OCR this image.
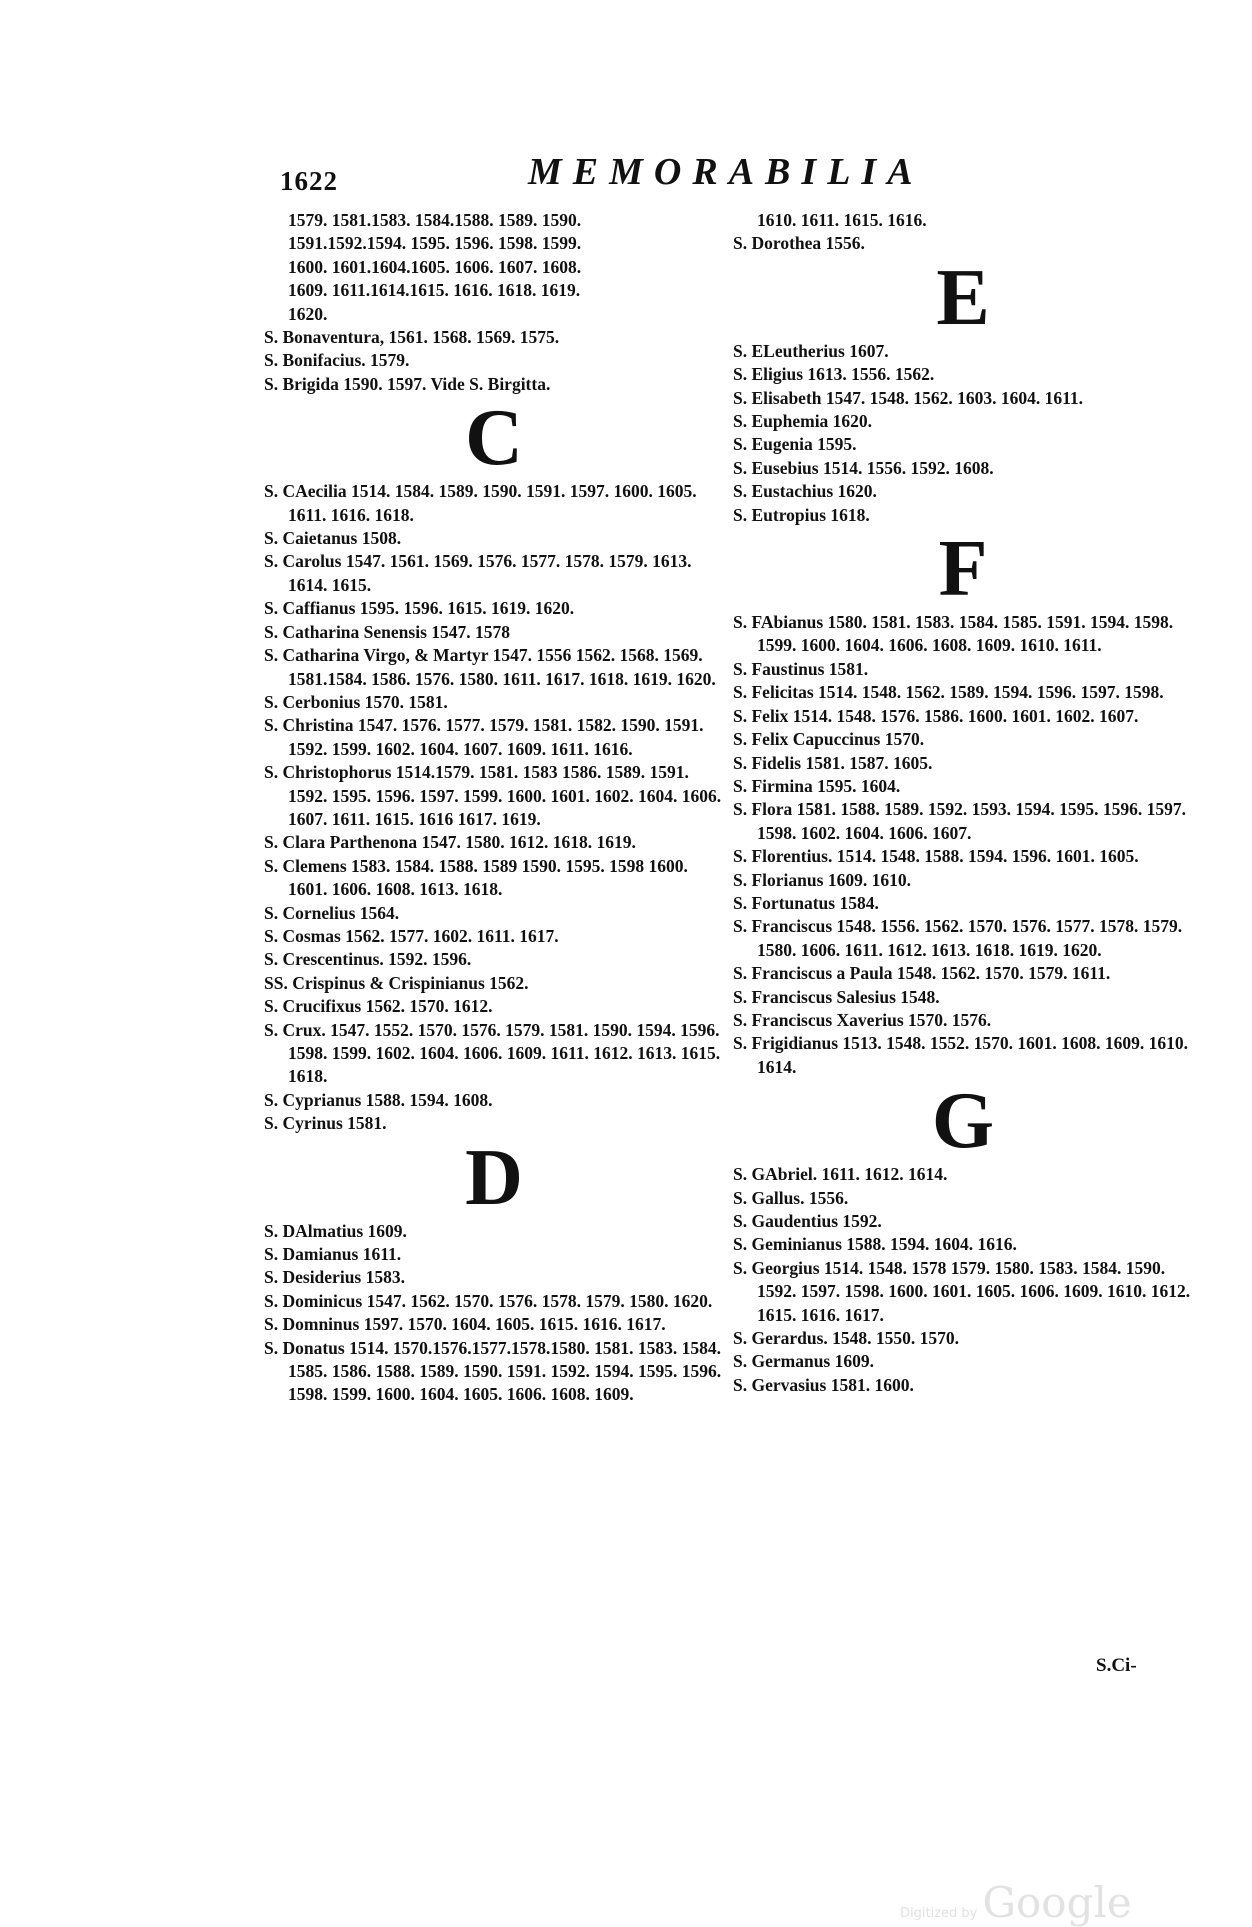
1622	MEMORABILIA

1579. 1581.1583. 1584.1588. 1589. 1590.

1591.1592.1594. 1595. 1596. 1598. 1599.

1600. 1601.1604.1605. 1606. 1607. 1608.

1609. 1611.1614.1615. 1616. 1618. 1619.

1620.

S. Bonaventura, 1561. 1568. 1569. 1575.

S. Bonifacius. 1579.

S. Brigida 1590. 1597. Vide S. Birgitta.

C

S. CAecilia 1514. 1584. 1589. 1590. 1591. 1597. 1600. 1605. 1611. 1616. 1618.

S. Caietanus 1508.

S. Carolus 1547. 1561. 1569. 1576. 1577. 1578. 1579. 1613. 1614. 1615.

S. Caffianus 1595. 1596. 1615. 1619. 1620.

S. Catharina Senensis 1547. 1578

S. Catharina Virgo, & Martyr 1547. 1556 1562. 1568. 1569. 1581.1584. 1586. 1576. 1580. 1611. 1617. 1618. 1619. 1620.

S. Cerbonius 1570. 1581.

S. Christina 1547. 1576. 1577. 1579. 1581. 1582. 1590. 1591. 1592. 1599. 1602. 1604. 1607. 1609. 1611. 1616.

S. Christophorus 1514.1579. 1581. 1583 1586. 1589. 1591. 1592. 1595. 1596. 1597. 1599. 1600. 1601. 1602. 1604. 1606. 1607. 1611. 1615. 1616 1617. 1619.

S. Clara Parthenona 1547. 1580. 1612. 1618. 1619.

S. Clemens 1583. 1584. 1588. 1589 1590. 1595. 1598 1600. 1601. 1606. 1608. 1613. 1618.

S. Cornelius 1564.

S. Cosmas 1562. 1577. 1602. 1611. 1617.

S. Crescentinus. 1592. 1596.

SS. Crispinus & Crispinianus 1562.

S. Crucifixus 1562. 1570. 1612.

S. Crux. 1547. 1552. 1570. 1576. 1579. 1581. 1590. 1594. 1596. 1598. 1599. 1602. 1604. 1606. 1609. 1611. 1612. 1613. 1615. 1618.

S. Cyprianus 1588. 1594. 1608.

S. Cyrinus 1581.

D

S. DAlmatius 1609.

S. Damianus 1611.

S. Desiderius 1583.

S. Dominicus 1547. 1562. 1570. 1576. 1578. 1579. 1580. 1620.

S. Domninus 1597. 1570. 1604. 1605. 1615. 1616. 1617.

S. Donatus 1514. 1570.1576.1577.1578.1580. 1581. 1583. 1584. 1585. 1586. 1588. 1589. 1590. 1591. 1592. 1594. 1595. 1596. 1598. 1599. 1600. 1604. 1605. 1606. 1608. 1609.

1610. 1611. 1615. 1616.

S. Dorothea 1556.

E

S. ELeutherius 1607.

S. Eligius 1613. 1556. 1562.

S. Elisabeth 1547. 1548. 1562. 1603. 1604. 1611.

S. Euphemia 1620.

S. Eugenia 1595.

S. Eusebius 1514. 1556. 1592. 1608.

S. Eustachius 1620.

S. Eutropius 1618.

F

S. FAbianus 1580. 1581. 1583. 1584. 1585. 1591. 1594. 1598. 1599. 1600. 1604. 1606. 1608. 1609. 1610. 1611.

S. Faustinus 1581.

S. Felicitas 1514. 1548. 1562. 1589. 1594. 1596. 1597. 1598.

S. Felix 1514. 1548. 1576. 1586. 1600. 1601. 1602. 1607.

S. Felix Capuccinus 1570.

S. Fidelis 1581. 1587. 1605.

S. Firmina 1595. 1604.

S. Flora 1581. 1588. 1589. 1592. 1593. 1594. 1595. 1596. 1597. 1598. 1602. 1604. 1606. 1607.

S. Florentius. 1514. 1548. 1588. 1594. 1596. 1601. 1605.

S. Florianus 1609. 1610.

S. Fortunatus 1584.

S. Franciscus 1548. 1556. 1562. 1570. 1576. 1577. 1578. 1579. 1580. 1606. 1611. 1612. 1613. 1618. 1619. 1620.

S. Franciscus a Paula 1548. 1562. 1570. 1579. 1611.

S. Franciscus Salesius 1548.

S. Franciscus Xaverius 1570. 1576.

S. Frigidianus 1513. 1548. 1552. 1570. 1601. 1608. 1609. 1610. 1614.

G

S. GAbriel. 1611. 1612. 1614.

S. Gallus. 1556.

S. Gaudentius 1592.

S. Geminianus 1588. 1594. 1604. 1616.

S. Georgius 1514. 1548. 1578 1579. 1580. 1583. 1584. 1590. 1592. 1597. 1598. 1600. 1601. 1605. 1606. 1609. 1610. 1612. 1615. 1616. 1617.

S. Gerardus. 1548. 1550. 1570.

S. Germanus 1609.

S. Gervasius 1581. 1600.

S.Ci-
Digitized by Google
